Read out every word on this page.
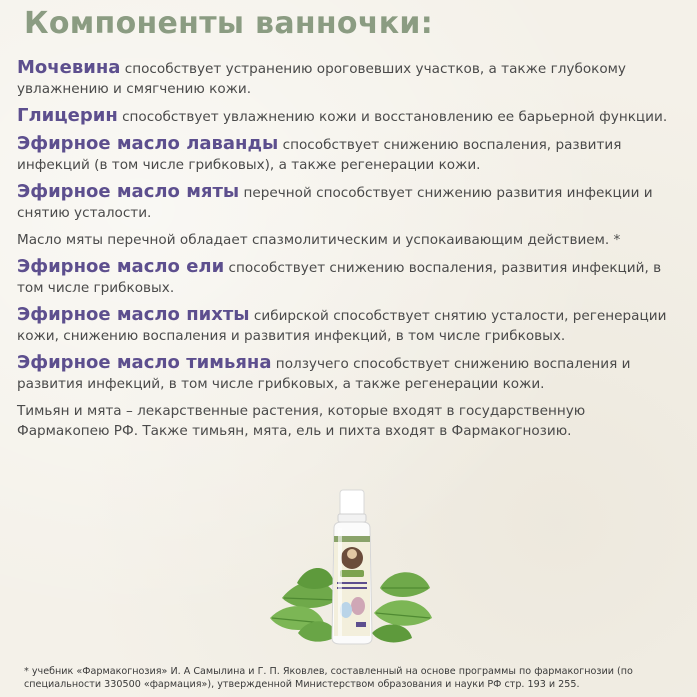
Компоненты ванночки:

Мочевина способствует устранению ороговевших участков, а также глубокому увлажнению и смягчению кожи.

Глицерин способствует увлажнению кожи и восстановлению ее барьерной функции.

Эфирное масло лаванды способствует снижению воспаления, развития инфекций (в том числе грибковых), а также регенерации кожи.

Эфирное масло мяты перечной способствует снижению развития инфекции и снятию усталости.

Масло мяты перечной обладает спазмолитическим и успокаивающим действием. *

Эфирное масло ели способствует снижению воспаления, развития инфекций, в том числе грибковых.

Эфирное масло пихты сибирской способствует снятию усталости, регенерации кожи, снижению воспаления и развития инфекций, в том числе грибковых.

Эфирное масло тимьяна ползучего способствует снижению воспаления и развития инфекций, в том числе грибковых, а также регенерации кожи.

Тимьян и мята – лекарственные растения, которые входят в государственную Фармакопею РФ. Также тимьян, мята, ель и пихта входят в Фармакогнозию.

* учебник «Фармакогнозия» И. А Самылина и Г. П. Яковлев, составленный на основе программы по фармакогнозии (по специальности 330500 «фармация»), утвержденной Министерством образования и науки РФ стр. 193 и 255.
